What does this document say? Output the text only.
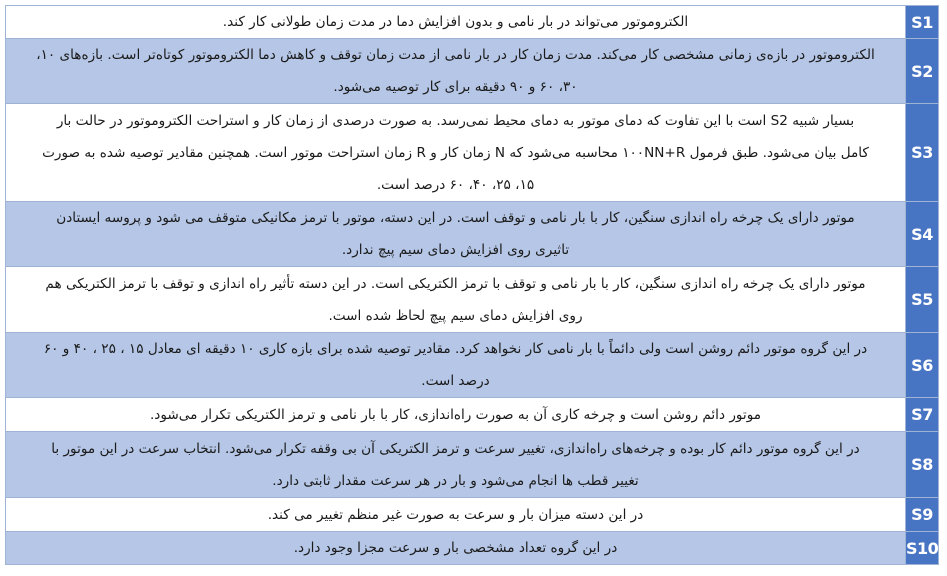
S1	الکتروموتور می‌تواند در بار نامی و بدون افزایش دما در مدت زمان طولانی کار کند.

S2	الکتروموتور در بازه‌ی زمانی مشخصی کار می‌کند. مدت زمان کار در بار نامی از مدت زمان توقف و کاهش دما الکتروموتور کوتاه‌تر است. بازه‌های ۱۰،
۳۰، ۶۰ و ۹۰ دقیقه برای کار توصیه می‌شود.

S3	بسیار شبیه S2 است با این تفاوت که دمای موتور به دمای محیط نمی‌رسد. به صورت درصدی از زمان کار و استراحت الکتروموتور در حالت بار
کامل بیان می‌شود. طبق فرمول ۱۰۰NN+R محاسبه می‌شود که N زمان کار و R زمان استراحت موتور است. همچنین مقادیر توصیه شده به صورت
۱۵، ۲۵، ۴۰، ۶۰ درصد است.

S4	موتور دارای یک چرخه راه اندازی سنگین، کار با بار نامی و توقف است. در این دسته، موتور با ترمز مکانیکی متوقف می شود و پروسه ایستادن
تاثیری روی افزایش دمای سیم پیچ ندارد.

S5	موتور دارای یک چرخه راه اندازی سنگین، کار با بار نامی و توقف با ترمز الکتریکی است. در این دسته تأثیر راه اندازی و توقف با ترمز الکتریکی هم
روی افزایش دمای سیم پیچ لحاظ شده است.

S6	در این گروه موتور دائم روشن است ولی دائماً با بار نامی کار نخواهد کرد. مقادیر توصیه شده برای بازه کاری ۱۰ دقیقه ای معادل ۱۵ ، ۲۵ ، ۴۰ و ۶۰
درصد است.

S7	موتور دائم روشن است و چرخه کاری آن به صورت راه‌اندازی، کار با بار نامی و ترمز الکتریکی تکرار می‌شود.

S8	در این گروه موتور دائم کار بوده و چرخه‌های راه‌اندازی، تغییر سرعت و ترمز الکتریکی آن بی وقفه تکرار می‌شود. انتخاب سرعت در این موتور با
تغییر قطب ها انجام می‌شود و بار در هر سرعت مقدار ثابتی دارد.

S9	در این دسته میزان بار و سرعت به صورت غیر منظم تغییر می کند.

S10	در این گروه تعداد مشخصی بار و سرعت مجزا وجود دارد.
